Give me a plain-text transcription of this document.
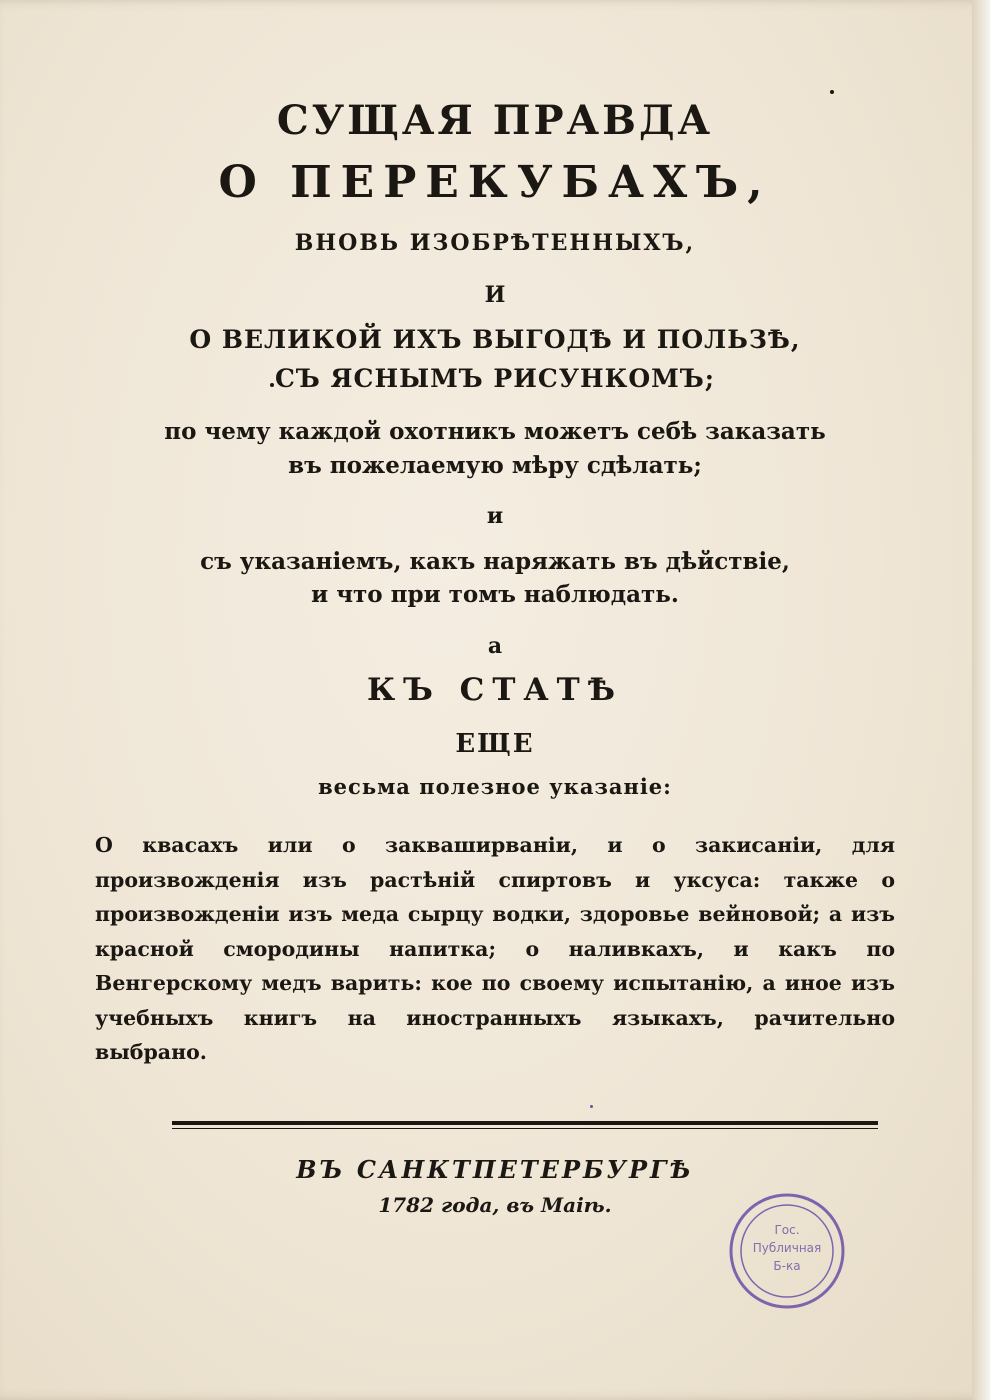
СУЩАЯ ПРАВДА

О ПЕРЕКУБАХЪ,

ВНОВЬ ИЗОБРѢТЕННЫХЪ,

И

О ВЕЛИКОЙ ИХЪ ВЫГОДѢ И ПОЛЬЗѢ,

СЪ ЯСНЫМЪ РИСУНКОМЪ;

по чему каждой охотникъ можетъ себѣ заказать

въ пожелаемую мѣру сдѣлать;

и

съ указаніемъ, какъ наряжать въ дѣйствіе,

и что при томъ наблюдать.

а

КЪ СТАТѢ

ЕЩЕ

весьма полезное указаніе:

О квасахъ или о закваширваніи, и о закисаніи, для произвожденія изъ растѣній спиртовъ и уксуса: также о произвожденіи изъ меда сырцу водки, здоровье вейновой; а изъ красной смородины напитка; о наливкахъ, и какъ по Венгерскому медъ варить: кое по своему испытанію, а иное изъ учебныхъ книгъ на иностранныхъ языкахъ, рачительно выбрано.

ВЪ САНКТПЕТЕРБУРГѢ

1782 года, въ Маіѣ.

Гос.
Публичная
Б-ка
